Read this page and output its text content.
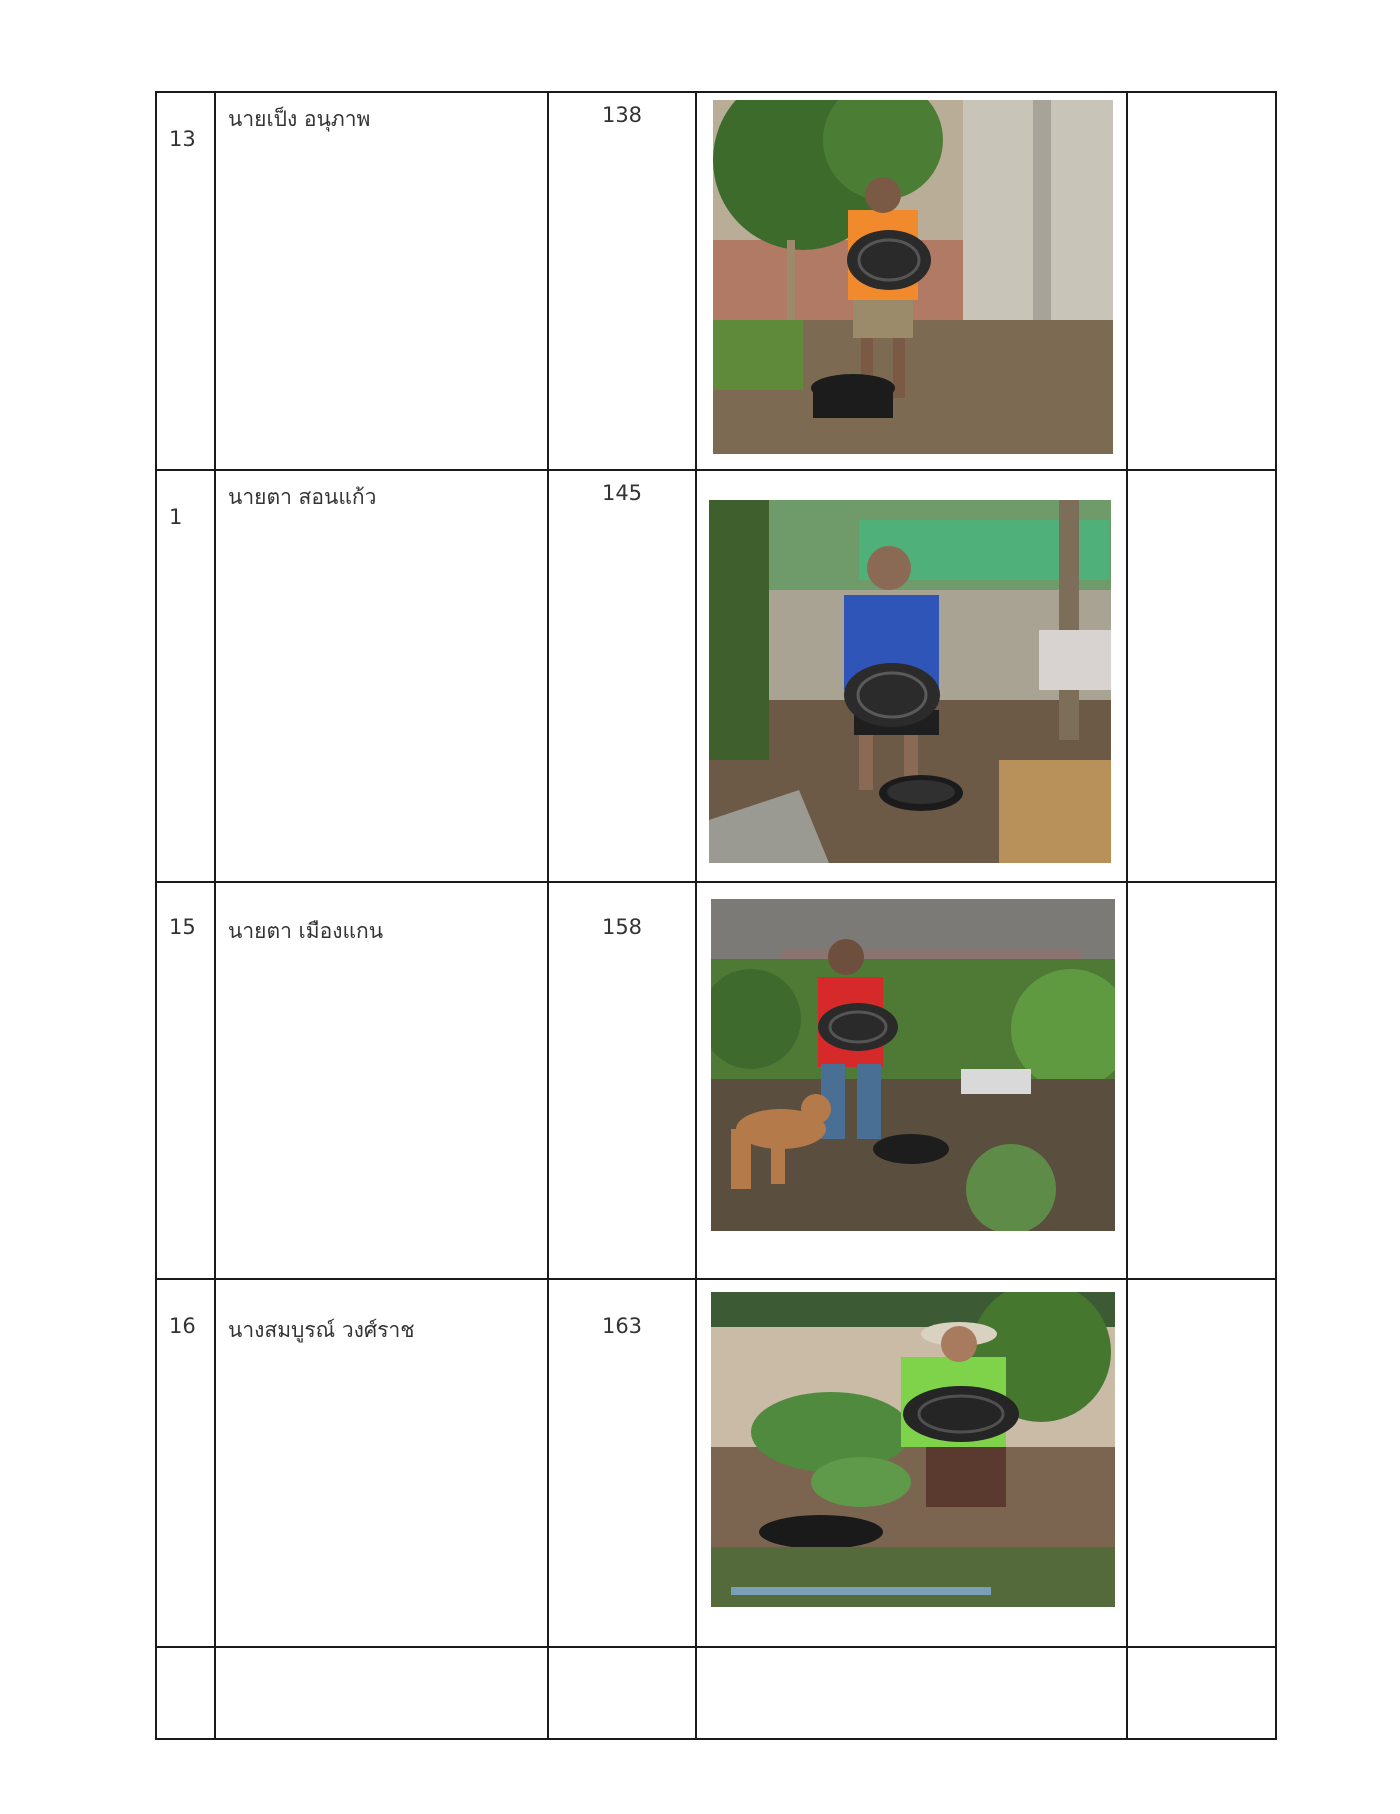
13	นายเป็ง อนุภาพ	138

1	นายตา สอนแก้ว	145

15	นายตา เมืองแกน	158

16	นางสมบูรณ์ วงศ์ราช	163
